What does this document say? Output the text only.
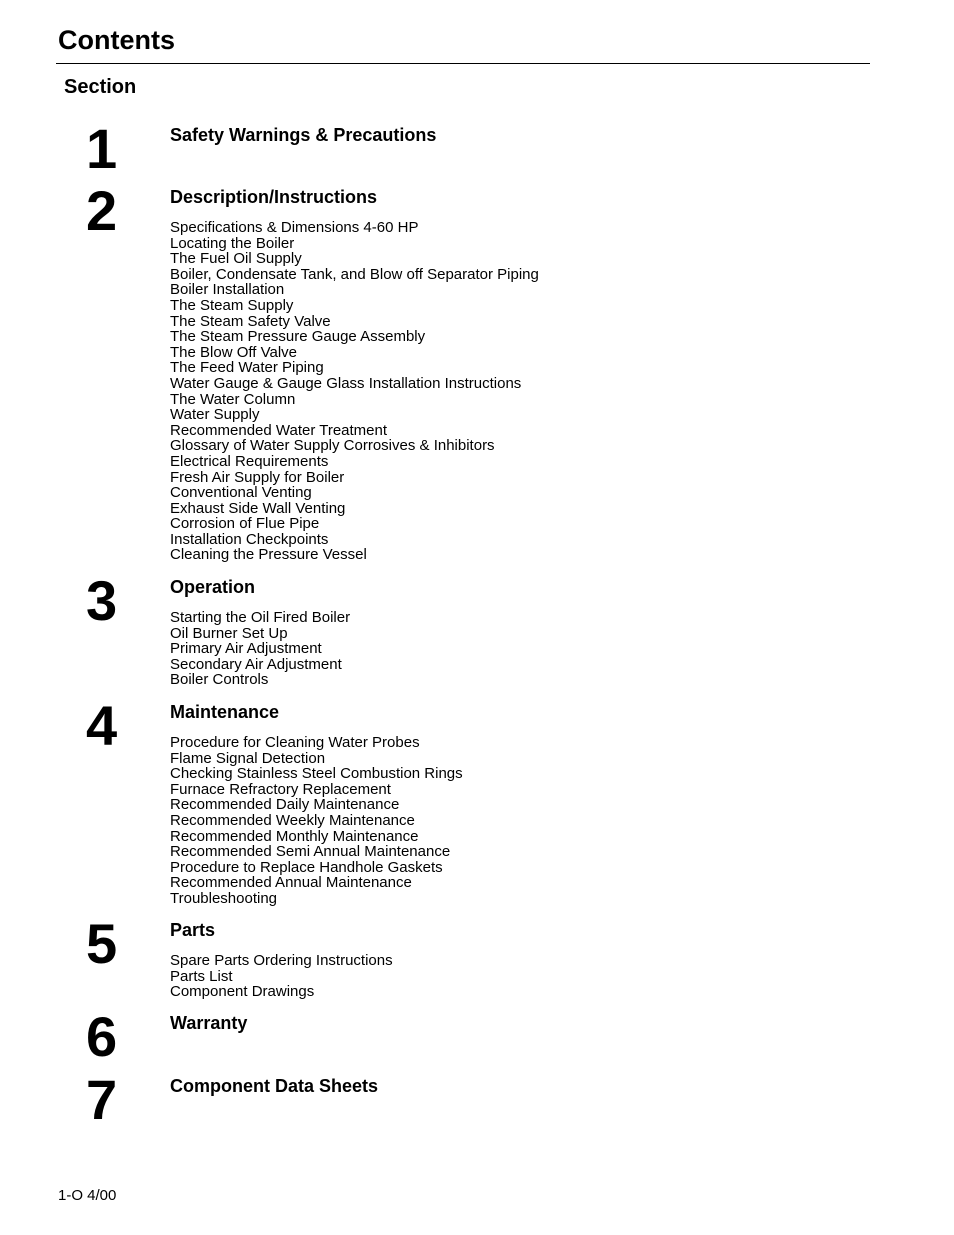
Contents
Section
1	Safety Warnings & Precautions
2	Description/Instructions
Specifications & Dimensions 4-60 HP
Locating the Boiler
The Fuel Oil Supply
Boiler, Condensate Tank, and Blow off Separator Piping
Boiler Installation
The Steam Supply
The Steam Safety Valve
The Steam Pressure Gauge Assembly
The Blow Off Valve
The Feed Water Piping
Water Gauge & Gauge Glass Installation Instructions
The Water Column
Water Supply
Recommended Water Treatment
Glossary of Water Supply Corrosives & Inhibitors
Electrical Requirements
Fresh Air Supply for Boiler
Conventional Venting
Exhaust Side Wall Venting
Corrosion of Flue Pipe
Installation Checkpoints
Cleaning the Pressure Vessel
3	Operation
Starting the Oil Fired Boiler
Oil Burner Set Up
Primary Air Adjustment
Secondary Air Adjustment
Boiler Controls
4	Maintenance
Procedure for Cleaning Water Probes
Flame Signal Detection
Checking Stainless Steel Combustion Rings
Furnace Refractory Replacement
Recommended Daily Maintenance
Recommended Weekly Maintenance
Recommended Monthly Maintenance
Recommended Semi Annual Maintenance
Procedure to Replace Handhole Gaskets
Recommended Annual Maintenance
Troubleshooting
5	Parts
Spare Parts Ordering Instructions
Parts List
Component Drawings
6	Warranty
7	Component Data Sheets
1-O 4/00
